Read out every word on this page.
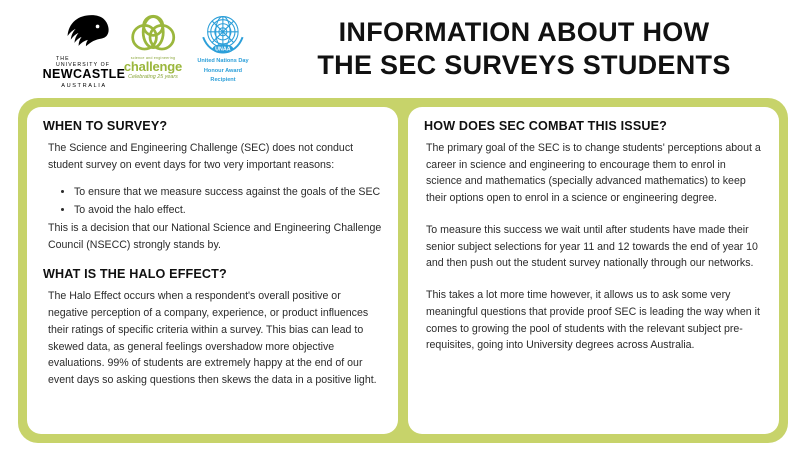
THE UNIVERSITY OF
NEWCASTLE
AUSTRALIA
science and engineering
challenge
Celebrating 25 years
UNAA
United Nations Day
Honour Award
Recipient
INFORMATION ABOUT HOW
THE SEC SURVEYS STUDENTS
WHEN TO SURVEY?

The Science and Engineering Challenge (SEC) does not conduct student survey on event days for two very important reasons:

• To ensure that we measure success against the goals of the SEC
• To avoid the halo effect.

This is a decision that our National Science and Engineering Challenge Council (NSECC) strongly stands by.

WHAT IS THE HALO EFFECT?

The Halo Effect occurs when a respondent's overall positive or negative perception of a company, experience, or product influences their ratings of specific criteria within a survey. This bias can lead to skewed data, as general feelings overshadow more objective evaluations. 99% of students are extremely happy at the end of our event days so asking questions then skews the data in a positive light.

HOW DOES SEC COMBAT THIS ISSUE?

The primary goal of the SEC is to change students' perceptions about a career in science and engineering to encourage them to enrol in science and mathematics (specially advanced mathematics) to keep their options open to enrol in a science or engineering degree.

To measure this success we wait until after students have made their senior subject selections for year 11 and 12 towards the end of year 10 and then push out the student survey nationally through our networks.

This takes a lot more time however, it allows us to ask some very meaningful questions that provide proof SEC is leading the way when it comes to growing the pool of students with the relevant subject pre-requisites, going into University degrees across Australia.
